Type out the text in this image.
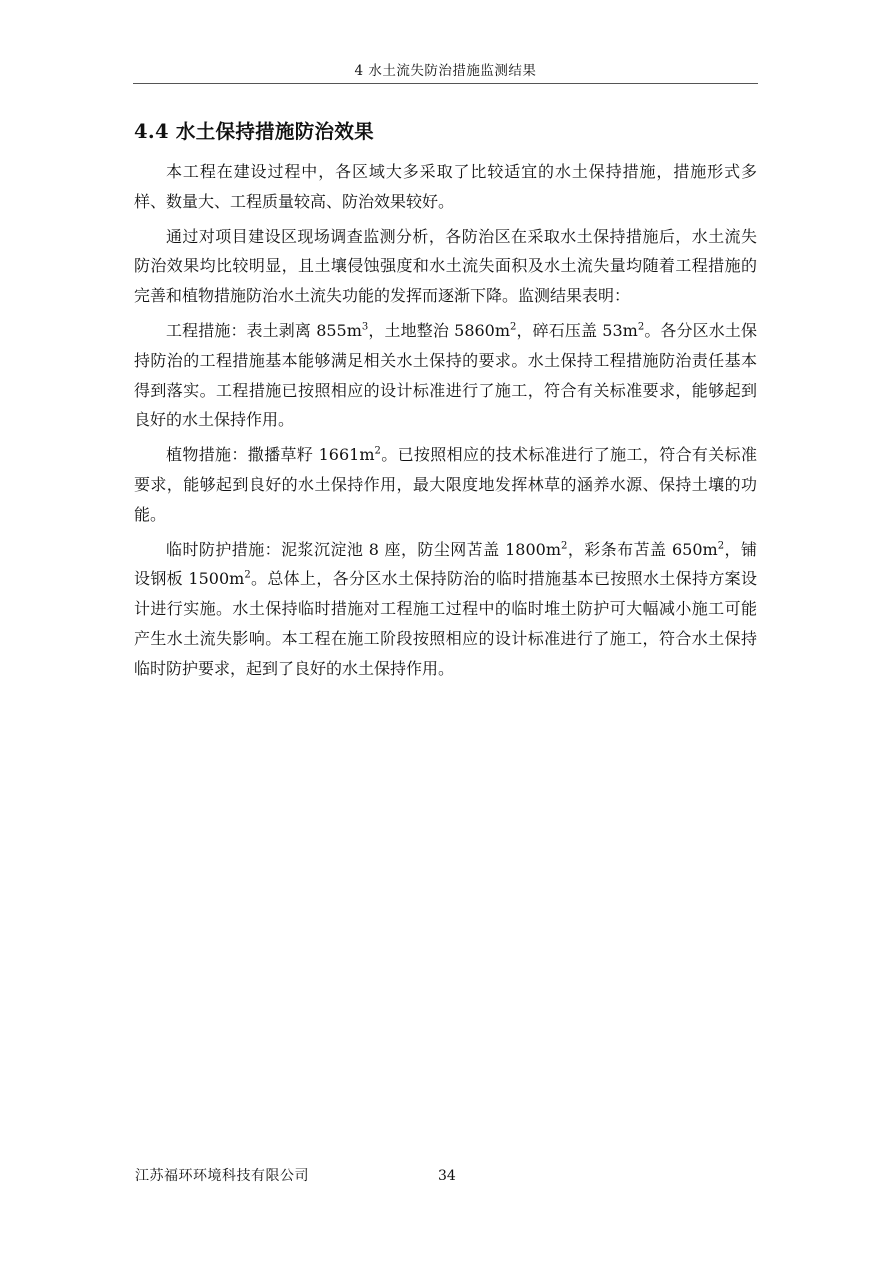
4 水土流失防治措施监测结果
4.4 水土保持措施防治效果

本工程在建设过程中，各区域大多采取了比较适宜的水土保持措施，措施形式多样、数量大、工程质量较高、防治效果较好。

通过对项目建设区现场调查监测分析，各防治区在采取水土保持措施后，水土流失防治效果均比较明显，且土壤侵蚀强度和水土流失面积及水土流失量均随着工程措施的完善和植物措施防治水土流失功能的发挥而逐渐下降。监测结果表明：

工程措施：表土剥离 $855m^3$，土地整治 $5860m^2$，碎石压盖 $53m^2$。各分区水土保持防治的工程措施基本能够满足相关水土保持的要求。水土保持工程措施防治责任基本得到落实。工程措施已按照相应的设计标准进行了施工，符合有关标准要求，能够起到良好的水土保持作用。

植物措施：撒播草籽 $1661m^2$。已按照相应的技术标准进行了施工，符合有关标准要求，能够起到良好的水土保持作用，最大限度地发挥林草的涵养水源、保持土壤的功能。

临时防护措施：泥浆沉淀池 8 座，防尘网苫盖 $1800m^2$，彩条布苫盖 $650m^2$，铺设钢板 $1500m^2$。总体上，各分区水土保持防治的临时措施基本已按照水土保持方案设计进行实施。水土保持临时措施对工程施工过程中的临时堆土防护可大幅减小施工可能产生水土流失影响。本工程在施工阶段按照相应的设计标准进行了施工，符合水土保持临时防护要求，起到了良好的水土保持作用。

江苏福环环境科技有限公司	34
